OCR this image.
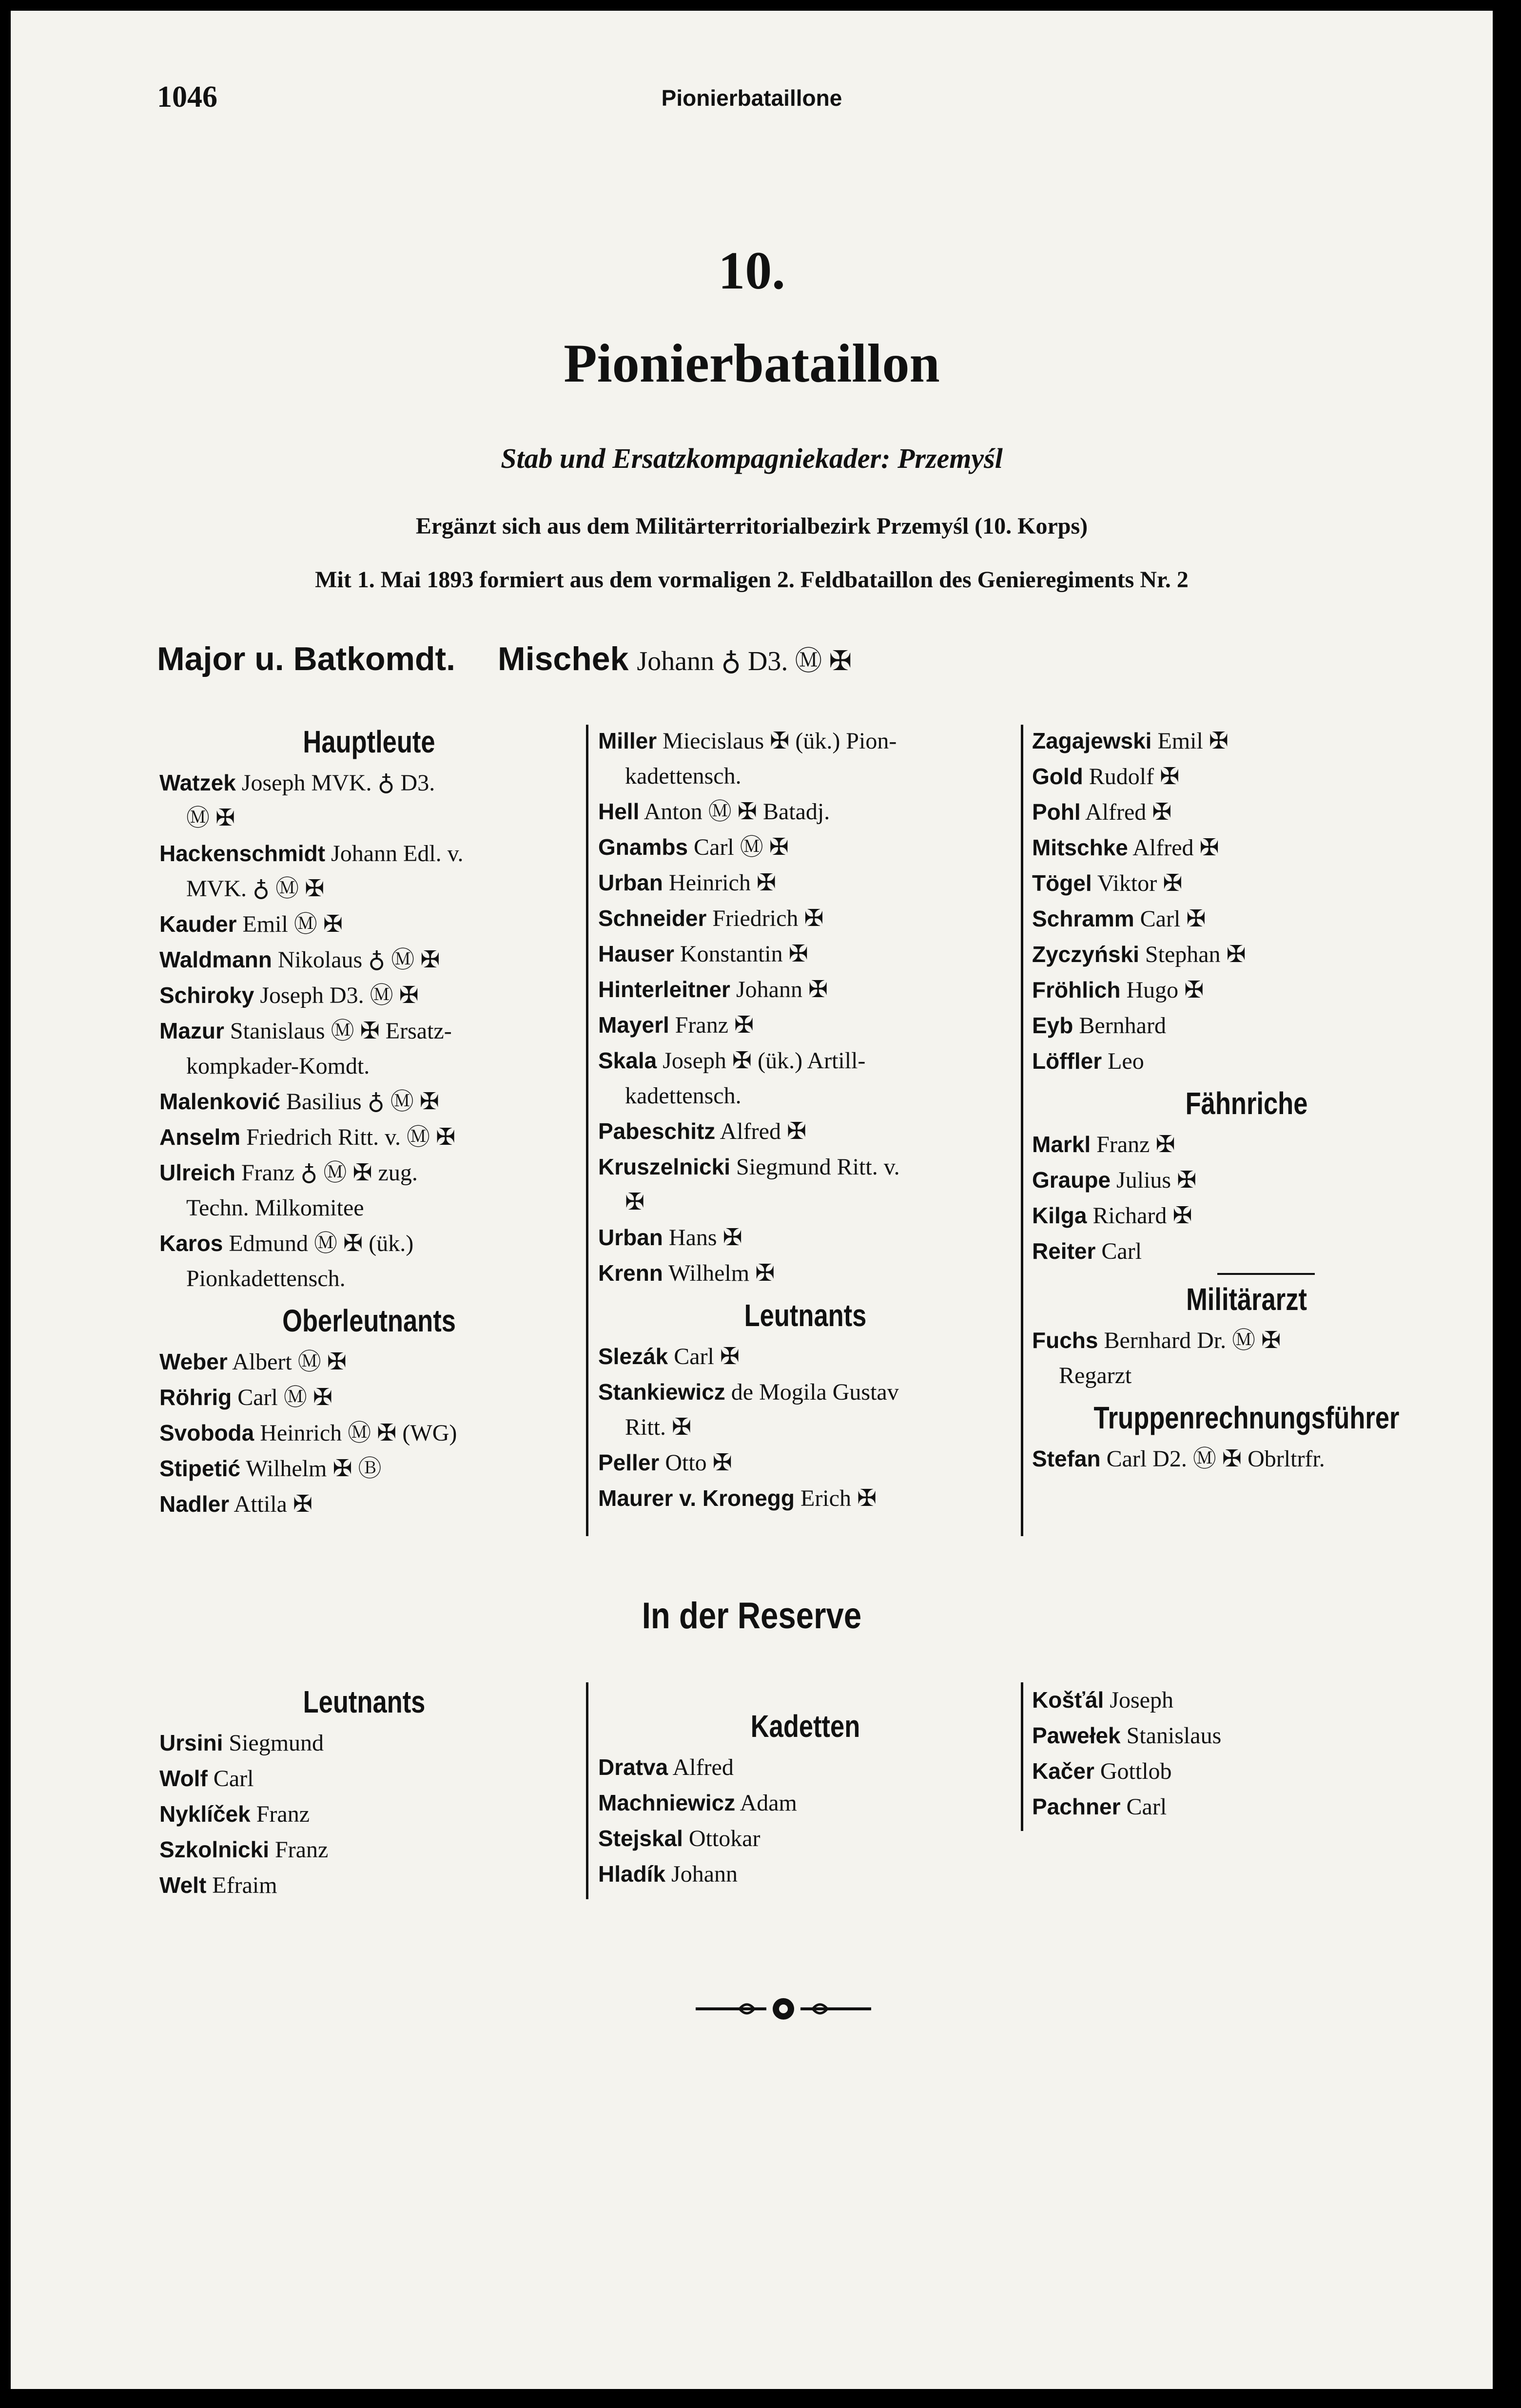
1046	Pionierbataillone
10.
Pionierbataillon
Stab und Ersatzkompagniekader: Przemyśl
Ergänzt sich aus dem Militärterritorialbezirk Przemyśl (10. Korps)
Mit 1. Mai 1893 formiert aus dem vormaligen 2. Feldbataillon des Genieregiments Nr. 2
Major u. Batkomdt. Mischek Johann ♁ D3. Ⓜ ✠
Hauptleute

Watzek Joseph MVK. ♁ D3.
Ⓜ ✠

Hackenschmidt Johann Edl. v.
MVK. ♁ Ⓜ ✠

Kauder Emil Ⓜ ✠

Waldmann Nikolaus ♁ Ⓜ ✠

Schiroky Joseph D3. Ⓜ ✠

Mazur Stanislaus Ⓜ ✠ Ersatz-
kompkader-Komdt.

Malenković Basilius ♁ Ⓜ ✠

Anselm Friedrich Ritt. v. Ⓜ ✠

Ulreich Franz ♁ Ⓜ ✠ zug.
Techn. Milkomitee

Karos Edmund Ⓜ ✠ (ük.)
Pionkadettensch.

Oberleutnants

Weber Albert Ⓜ ✠

Röhrig Carl Ⓜ ✠

Svoboda Heinrich Ⓜ ✠ (WG)

Stipetić Wilhelm ✠ Ⓑ

Nadler Attila ✠

Miller Miecislaus ✠ (ük.) Pion-
kadettensch.

Hell Anton Ⓜ ✠ Batadj.

Gnambs Carl Ⓜ ✠

Urban Heinrich ✠

Schneider Friedrich ✠

Hauser Konstantin ✠

Hinterleitner Johann ✠

Mayerl Franz ✠

Skala Joseph ✠ (ük.) Artill-
kadettensch.

Pabeschitz Alfred ✠

Kruszelnicki Siegmund Ritt. v.
✠

Urban Hans ✠

Krenn Wilhelm ✠

Leutnants

Slezák Carl ✠

Stankiewicz de Mogila Gustav
Ritt. ✠

Peller Otto ✠

Maurer v. Kronegg Erich ✠

Zagajewski Emil ✠

Gold Rudolf ✠

Pohl Alfred ✠

Mitschke Alfred ✠

Tögel Viktor ✠

Schramm Carl ✠

Zyczyński Stephan ✠

Fröhlich Hugo ✠

Eyb Bernhard

Löffler Leo

Fähnriche

Markl Franz ✠

Graupe Julius ✠

Kilga Richard ✠

Reiter Carl

Militärarzt

Fuchs Bernhard Dr. Ⓜ ✠
Regarzt

Truppenrechnungsführer

Stefan Carl D2. Ⓜ ✠ Obrltrfr.

In der Reserve
Leutnants

Ursini Siegmund

Wolf Carl

Nyklíček Franz

Szkolnicki Franz

Welt Efraim

Kadetten

Dratva Alfred

Machniewicz Adam

Stejskal Ottokar

Hladík Johann

Košťál Joseph

Pawełek Stanislaus

Kačer Gottlob

Pachner Carl
